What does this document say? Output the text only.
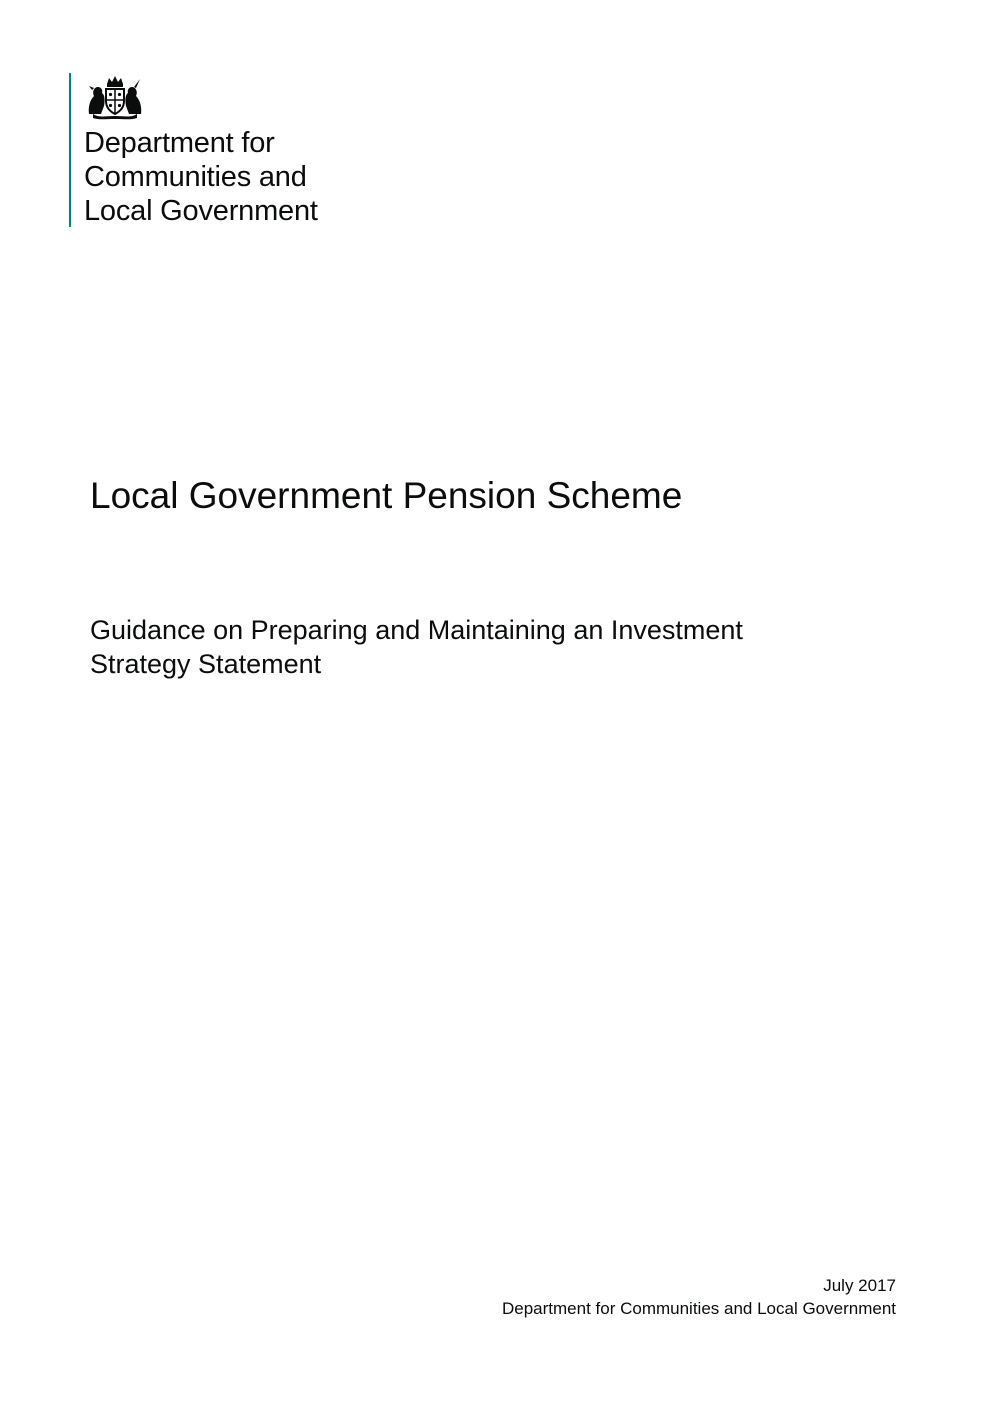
Department for
Communities and
Local Government
Local Government Pension Scheme
Guidance on Preparing and Maintaining an Investment
Strategy Statement
July 2017
Department for Communities and Local Government
